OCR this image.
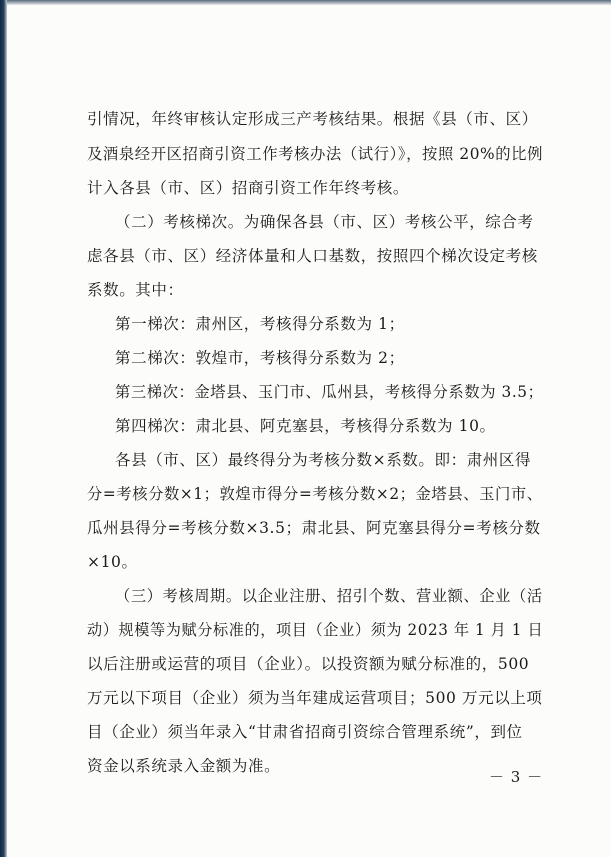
引情况，年终审核认定形成三产考核结果。根据《县（市、区）
及酒泉经开区招商引资工作考核办法（试行）》，按照 20%的比例
计入各县（市、区）招商引资工作年终考核。
（二）考核梯次。为确保各县（市、区）考核公平，综合考
虑各县（市、区）经济体量和人口基数，按照四个梯次设定考核
系数。其中：
第一梯次：肃州区，考核得分系数为 1；
第二梯次：敦煌市，考核得分系数为 2；
第三梯次：金塔县、玉门市、瓜州县，考核得分系数为 3.5；
第四梯次：肃北县、阿克塞县，考核得分系数为 10。
各县（市、区）最终得分为考核分数×系数。即：肃州区得
分=考核分数×1；敦煌市得分=考核分数×2；金塔县、玉门市、
瓜州县得分=考核分数×3.5；肃北县、阿克塞县得分=考核分数
×10。
（三）考核周期。以企业注册、招引个数、营业额、企业（活
动）规模等为赋分标准的，项目（企业）须为 2023 年 1 月 1 日
以后注册或运营的项目（企业）。以投资额为赋分标准的，500
万元以下项目（企业）须为当年建成运营项目；500 万元以上项
目（企业）须当年录入“甘肃省招商引资综合管理系统”，到位
资金以系统录入金额为准。
－ 3 －
